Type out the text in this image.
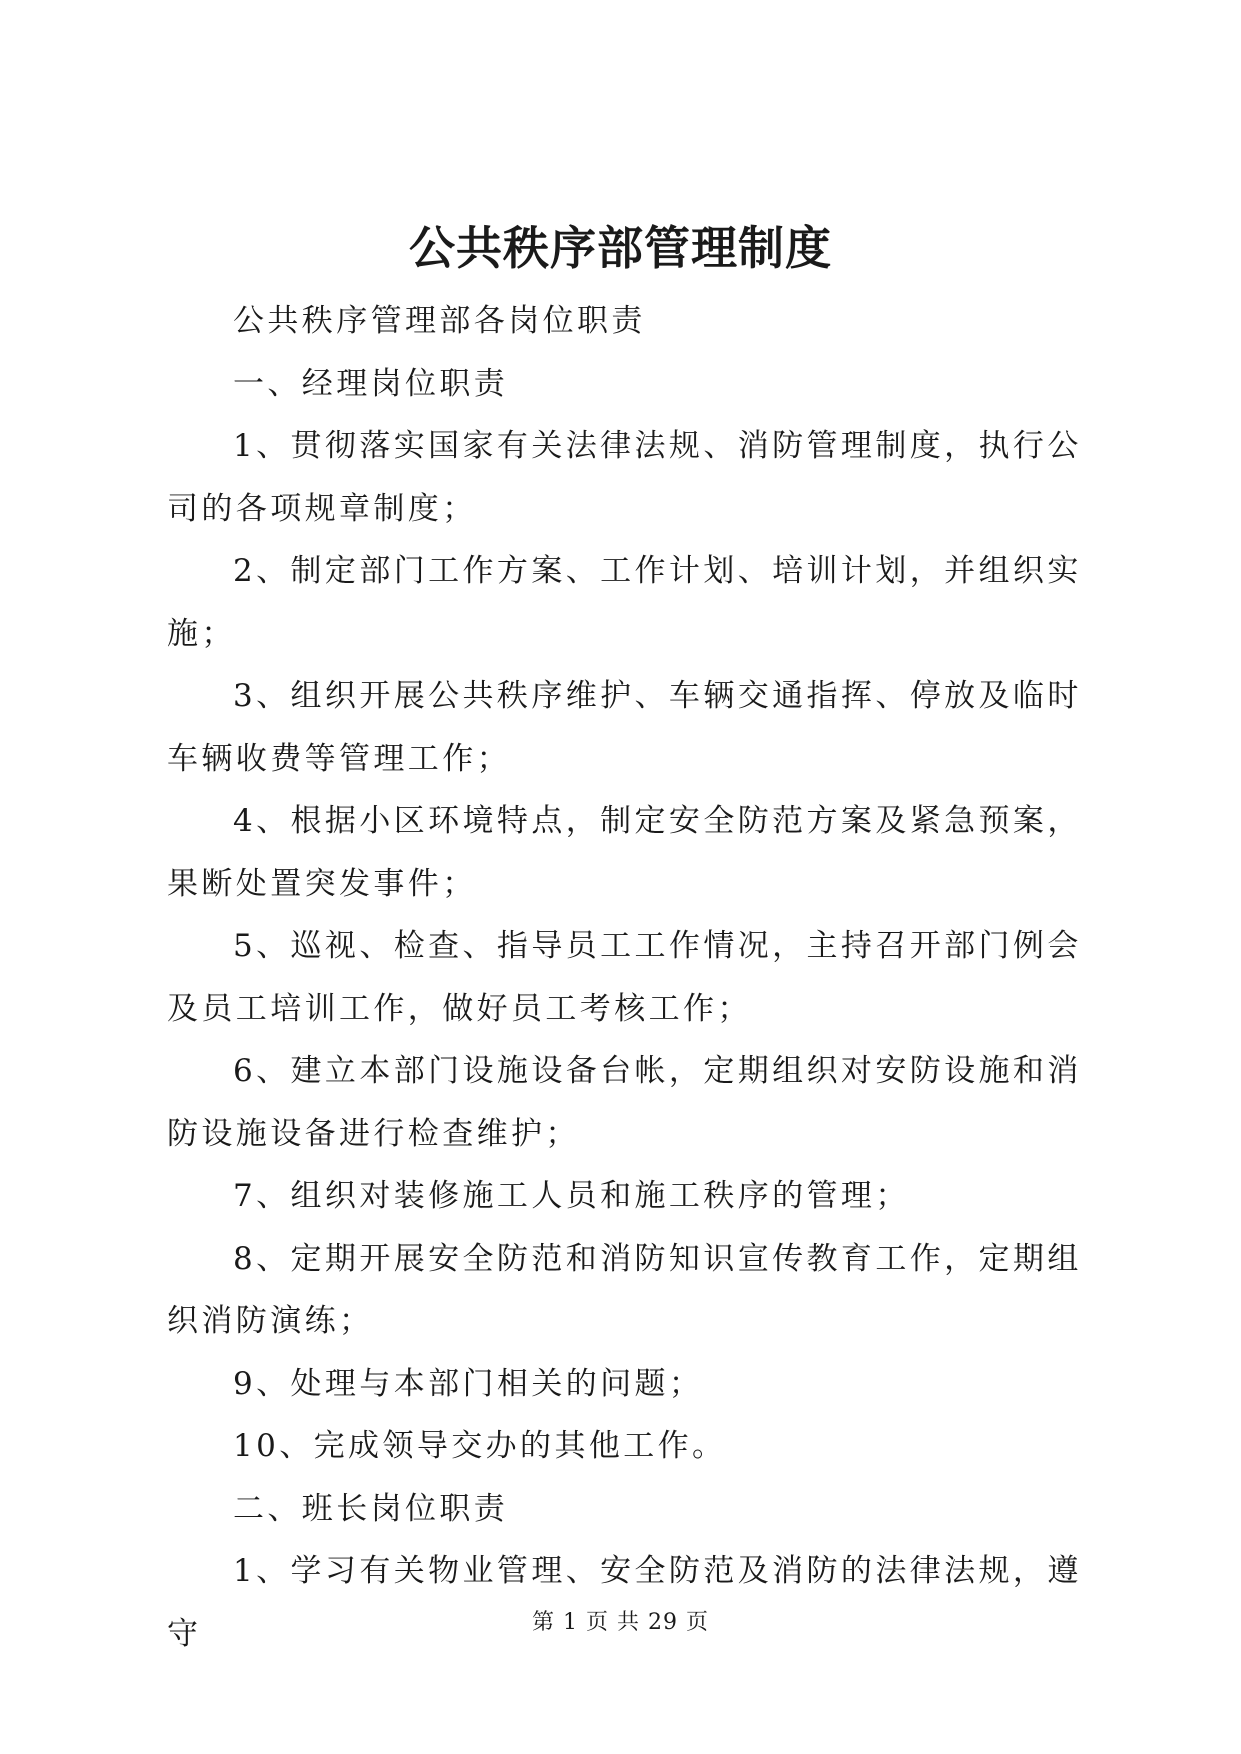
公共秩序部管理制度

公共秩序管理部各岗位职责

一、经理岗位职责

1、贯彻落实国家有关法律法规、消防管理制度，执行公司的各项规章制度；

2、制定部门工作方案、工作计划、培训计划，并组织实施；

3、组织开展公共秩序维护、车辆交通指挥、停放及临时车辆收费等管理工作；

4、根据小区环境特点，制定安全防范方案及紧急预案，果断处置突发事件；

5、巡视、检查、指导员工工作情况，主持召开部门例会及员工培训工作，做好员工考核工作；

6、建立本部门设施设备台帐，定期组织对安防设施和消防设施设备进行检查维护；

7、组织对装修施工人员和施工秩序的管理；

8、定期开展安全防范和消防知识宣传教育工作，定期组织消防演练；

9、处理与本部门相关的问题；

10、完成领导交办的其他工作。

二、班长岗位职责

1、学习有关物业管理、安全防范及消防的法律法规，遵守	第 1 页 共 29 页
